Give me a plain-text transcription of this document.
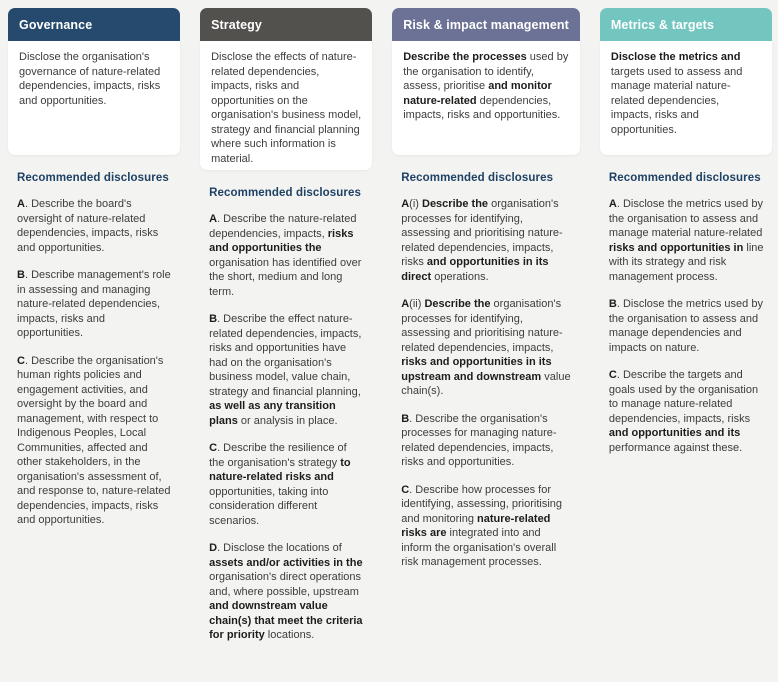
Governance

Disclose the organisation's governance of nature-related dependencies, impacts, risks and opportunities.

Recommended disclosures

A. Describe the board's oversight of nature-related dependencies, impacts, risks and opportunities.

B. Describe management's role in assessing and managing nature-related dependencies, impacts, risks and opportunities.

C. Describe the organisation's human rights policies and engagement activities, and oversight by the board and management, with respect to Indigenous Peoples, Local Communities, affected and other stakeholders, in the organisation's assessment of, and response to, nature-related dependencies, impacts, risks and opportunities.

Strategy

Disclose the effects of nature-related dependencies, impacts, risks and opportunities on the organisation's business model, strategy and financial planning where such information is material.

Recommended disclosures

A. Describe the nature-related dependencies, impacts, risks and opportunities the organisation has identified over the short, medium and long term.

B. Describe the effect nature-related dependencies, impacts, risks and opportunities have had on the organisation's business model, value chain, strategy and financial planning, as well as any transition plans or analysis in place.

C. Describe the resilience of the organisation's strategy to nature-related risks and opportunities, taking into consideration different scenarios.

D. Disclose the locations of assets and/or activities in the organisation's direct operations and, where possible, upstream and downstream value chain(s) that meet the criteria for priority locations.

Risk & impact management

Describe the processes used by the organisation to identify, assess, prioritise and monitor nature-related dependencies, impacts, risks and opportunities.

Recommended disclosures

A(i) Describe the organisation's processes for identifying, assessing and prioritising nature-related dependencies, impacts, risks and opportunities in its direct operations.

A(ii) Describe the organisation's processes for identifying, assessing and prioritising nature-related dependencies, impacts, risks and opportunities in its upstream and downstream value chain(s).

B. Describe the organisation's processes for managing nature-related dependencies, impacts, risks and opportunities.

C. Describe how processes for identifying, assessing, prioritising and monitoring nature-related risks are integrated into and inform the organisation's overall risk management processes.

Metrics & targets

Disclose the metrics and targets used to assess and manage material nature-related dependencies, impacts, risks and opportunities.

Recommended disclosures

A. Disclose the metrics used by the organisation to assess and manage material nature-related risks and opportunities in line with its strategy and risk management process.

B. Disclose the metrics used by the organisation to assess and manage dependencies and impacts on nature.

C. Describe the targets and goals used by the organisation to manage nature-related dependencies, impacts, risks and opportunities and its performance against these.
